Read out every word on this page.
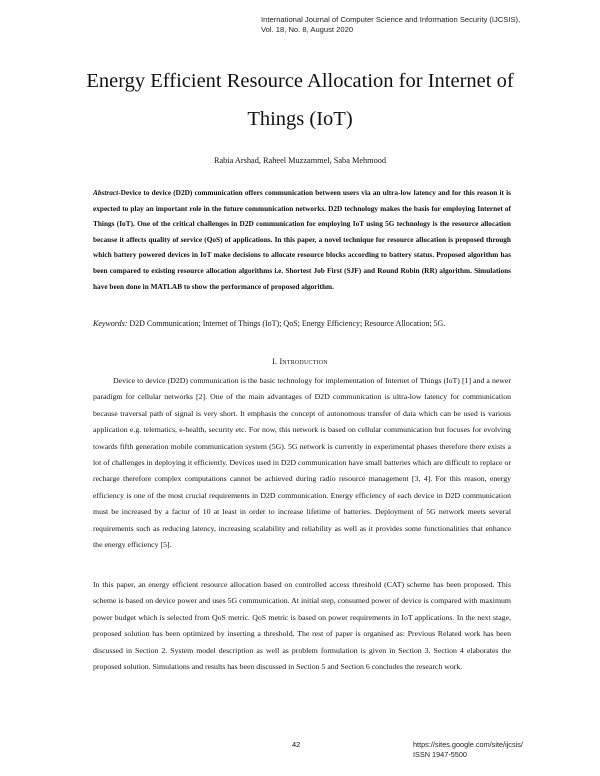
International Journal of Computer Science and Information Security (IJCSIS),
Vol. 18, No. 8, August 2020
Energy Efficient Resource Allocation for Internet of Things (IoT)
Rabia Arshad, Raheel Muzzammel, Saba Mehmood
Abstract-Device to device (D2D) communication offers communication between users via an ultra-low latency and for this reason it is expected to play an important role in the future communication networks. D2D technology makes the basis for employing Internet of Things (IoT). One of the critical challenges in D2D communication for employing IoT using 5G technology is the resource allocation because it affects quality of service (QoS) of applications. In this paper, a novel technique for resource allocation is proposed through which battery powered devices in IoT make decisions to allocate resource blocks according to battery status. Proposed algorithm has been compared to existing resource allocation algorithms i.e. Shortest Job First (SJF) and Round Robin (RR) algorithm. Simulations have been done in MATLAB to show the performance of proposed algorithm.
Keywords: D2D Communication; Internet of Things (IoT); QoS; Energy Efficiency; Resource Allocation; 5G.
I. Introduction

Device to device (D2D) communication is the basic technology for implementation of Internet of Things (IoT) [1] and a newer paradigm for cellular networks [2]. One of the main advantages of D2D communication is ultra-low latency for communication because traversal path of signal is very short. It emphasis the concept of autonomous transfer of data which can be used is various application e.g. telematics, e-health, security etc. For now, this network is based on cellular communication but focuses for evolving towards fifth generation mobile communication system (5G). 5G network is currently in experimental phases therefore there exists a lot of challenges in deploying it efficiently. Devices used in D2D communication have small batteries which are difficult to replace or recharge therefore complex computations cannot be achieved during radio resource management [3, 4]. For this reason, energy efficiency is one of the most crucial requirements in D2D communication. Energy efficiency of each device in D2D communication must be increased by a factor of 10 at least in order to increase lifetime of batteries. Deployment of 5G network meets several requirements such as reducing latency, increasing scalability and reliability as well as it provides some functionalities that enhance the energy efficiency [5].

In this paper, an energy efficient resource allocation based on controlled access threshold (CAT) scheme has been proposed. This scheme is based on device power and uses 5G communication. At initial step, consumed power of device is compared with maximum power budget which is selected from QoS metric. QoS metric is based on power requirements in IoT applications. In the next stage, proposed solution has been optimized by inserting a threshold. The rest of paper is organised as: Previous Related work has been discussed in Section 2. System model description as well as problem formulation is given in Section 3. Section 4 elaborates the proposed solution. Simulations and results has been discussed in Section 5 and Section 6 concludes the research work.

42	https://sites.google.com/site/ijcsis/
ISSN 1947-5500
